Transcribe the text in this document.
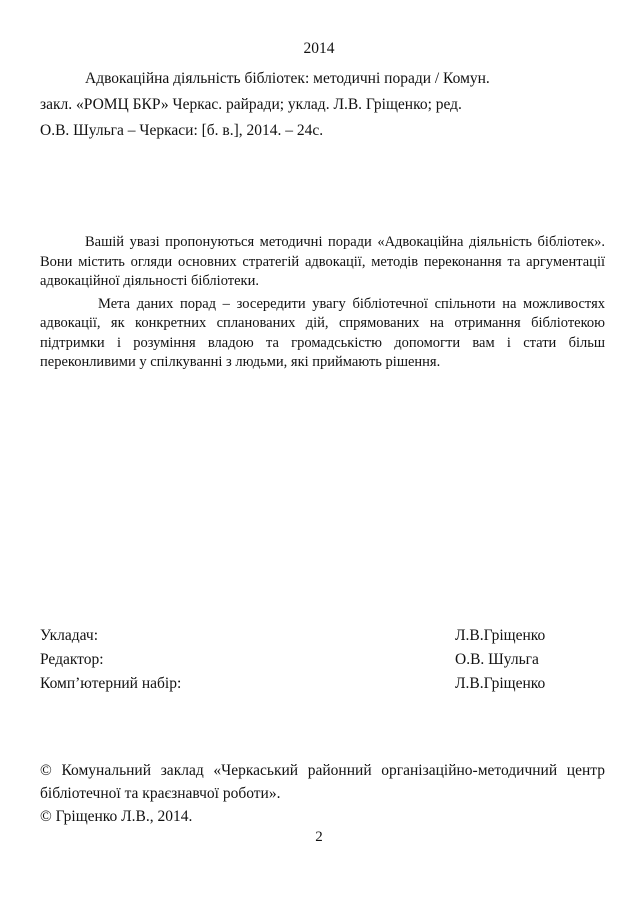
2014

Адвокаційна діяльність бібліотек: методичні поради / Комун.

закл. «РОМЦ БКР» Черкас. райради; уклад. Л.В. Гріщенко; ред.

О.В. Шульга – Черкаси: [б. в.], 2014. – 24с.

Вашій увазі пропонуються методичні поради «Адвокаційна діяльність бібліотек». Вони містить огляди основних стратегій адвокації, методів переконання та аргументації адвокаційної діяльності бібліотеки.

Мета даних порад – зосередити увагу бібліотечної спільноти на можливостях адвокації, як конкретних спланованих дій, спрямованих на отримання бібліотекою підтримки і розуміння владою та громадськістю допомогти вам і стати більш переконливими у спілкуванні з людьми, які приймають рішення.

Укладач:	Л.В.Гріщенко
Редактор:	О.В. Шульга
Комп’ютерний набір:	Л.В.Гріщенко

© Комунальний заклад «Черкаський районний організаційно-методичний центр бібліотечної та краєзнавчої роботи».

© Гріщенко Л.В., 2014.

2
